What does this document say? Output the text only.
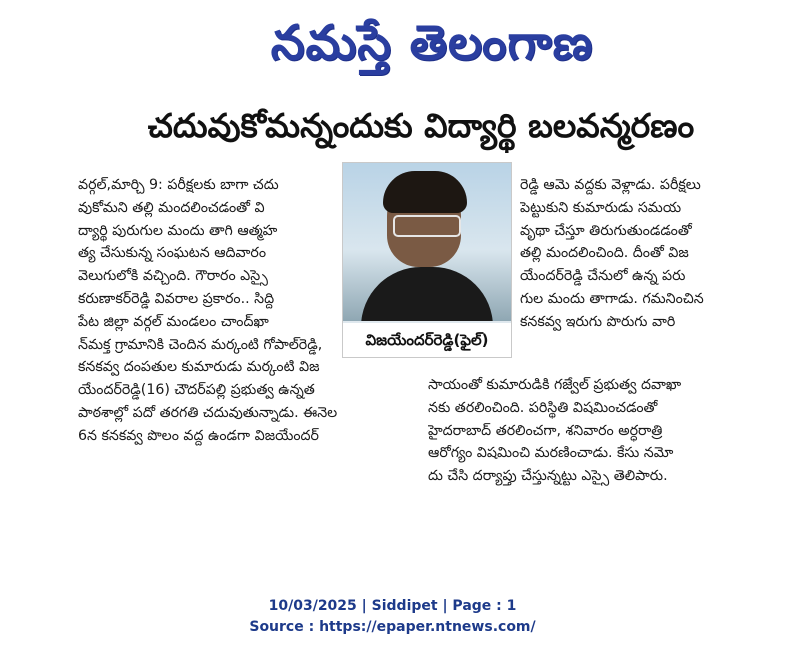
నమస్తే తెలంగాణ
చదువుకోమన్నందుకు విద్యార్థి బలవన్మరణం
వర్గల్,మార్చి 9: పరీక్షలకు బాగా చదు
వుకోమని తల్లి మందలించడంతో వి
ద్యార్థి పురుగుల మందు తాగి ఆత్మహ
త్య చేసుకున్న సంఘటన ఆదివారం
వెలుగులోకి వచ్చింది. గౌరారం ఎస్సై
కరుణాకర్‌రెడ్డి వివరాల ప్రకారం.. సిద్ది
పేట జిల్లా వర్గల్ మండలం చాంద్‌ఖా
న్‌మక్త గ్రామానికి చెందిన మర్కంటి గోపాల్‌రెడ్డి,
కనకవ్వ దంపతుల కుమారుడు మర్కంటి విజ
యేందర్‌రెడ్డి(16) చౌదర్‌పల్లి ప్రభుత్వ ఉన్నత
పాఠశాల్లో పదో తరగతి చదువుతున్నాడు. ఈనెల
6న కనకవ్వ పొలం వద్ద ఉండగా విజయేందర్
విజయేందర్‌రెడ్డి(ఫైల్)
రెడ్డి ఆమె వద్దకు వెళ్లాడు. పరీక్షలు
పెట్టుకుని కుమారుడు సమయ
వృథా చేస్తూ తిరుగుతుండడంతో
తల్లి మందలించింది. దీంతో విజ
యేందర్‌రెడ్డి చేనులో ఉన్న పరు
గుల మందు తాగాడు. గమనించిన
కనకవ్వ ఇరుగు పొరుగు వారి
సాయంతో కుమారుడికి గజ్వేల్ ప్రభుత్వ దవాఖా
నకు తరలించింది. పరిస్థితి విషమించడంతో
హైదరాబాద్ తరలించగా, శనివారం అర్ధరాత్రి
ఆరోగ్యం విషమించి మరణించాడు. కేసు నమో
దు చేసి దర్యాప్తు చేస్తున్నట్టు ఎస్సై తెలిపారు.
10/03/2025 | Siddipet | Page : 1
Source : https://epaper.ntnews.com/
